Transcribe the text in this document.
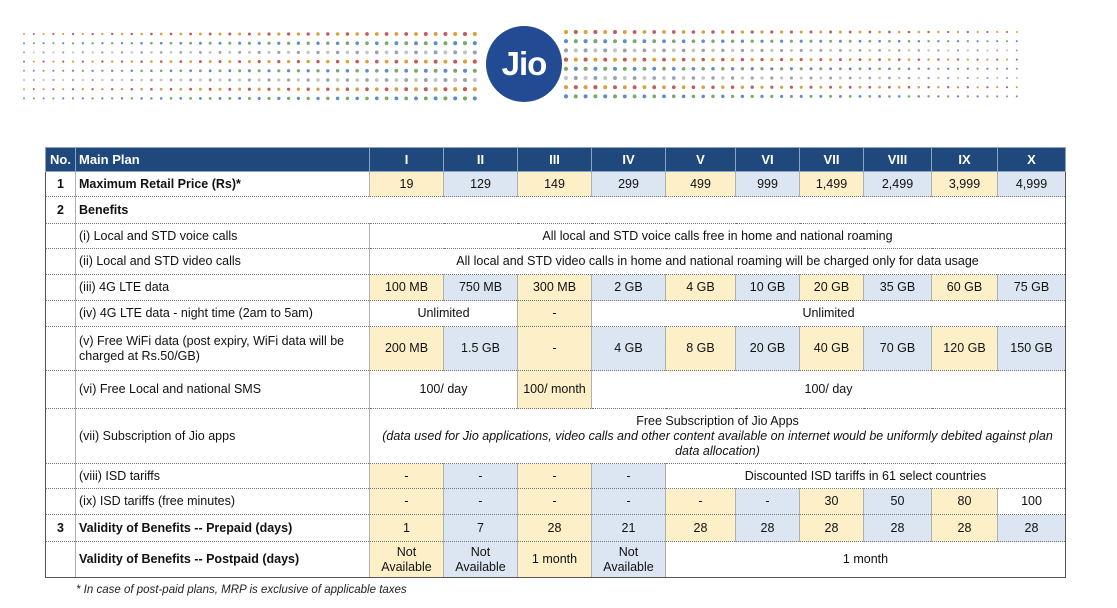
Jio
No.	Main Plan	I	II	III	IV	V	VI	VII	VIII	IX	X
1	Maximum Retail Price (Rs)*	19	129	149	299	499	999	1,499	2,499	3,999	4,999
2	Benefits										
	(i) Local and STD voice calls	All local and STD voice calls free in home and national roaming									
	(ii) Local and STD video calls	All local and STD video calls in home and national roaming will be charged only for data usage									
	(iii) 4G LTE data	100 MB	750 MB	300 MB	2 GB	4 GB	10 GB	20 GB	35 GB	60 GB	75 GB
	(iv) 4G LTE data - night time (2am to 5am)	Unlimited		-	Unlimited						
	(v) Free WiFi data (post expiry, WiFi data will be charged at Rs.50/GB)	200 MB	1.5 GB	-	4 GB	8 GB	20 GB	40 GB	70 GB	120 GB	150 GB
	(vi) Free Local and national SMS	100/ day		100/ month	100/ day						
	(vii) Subscription of Jio apps	Free Subscription of Jio Apps
(data used for Jio applications, video calls and other content available on internet would be uniformly debited against plan data allocation)									

	(viii) ISD tariffs	-	-	-	-	Discounted ISD tariffs in 61 select countries					
	(ix) ISD tariffs (free minutes)	-	-	-	-	-	-	30	50	80	100
3	Validity of Benefits -- Prepaid (days)	1	7	28	21	28	28	28	28	28	28
	Validity of Benefits -- Postpaid (days)	Not Available	Not Available	1 month	Not Available	1 month					
* In case of post-paid plans, MRP is exclusive of applicable taxes
